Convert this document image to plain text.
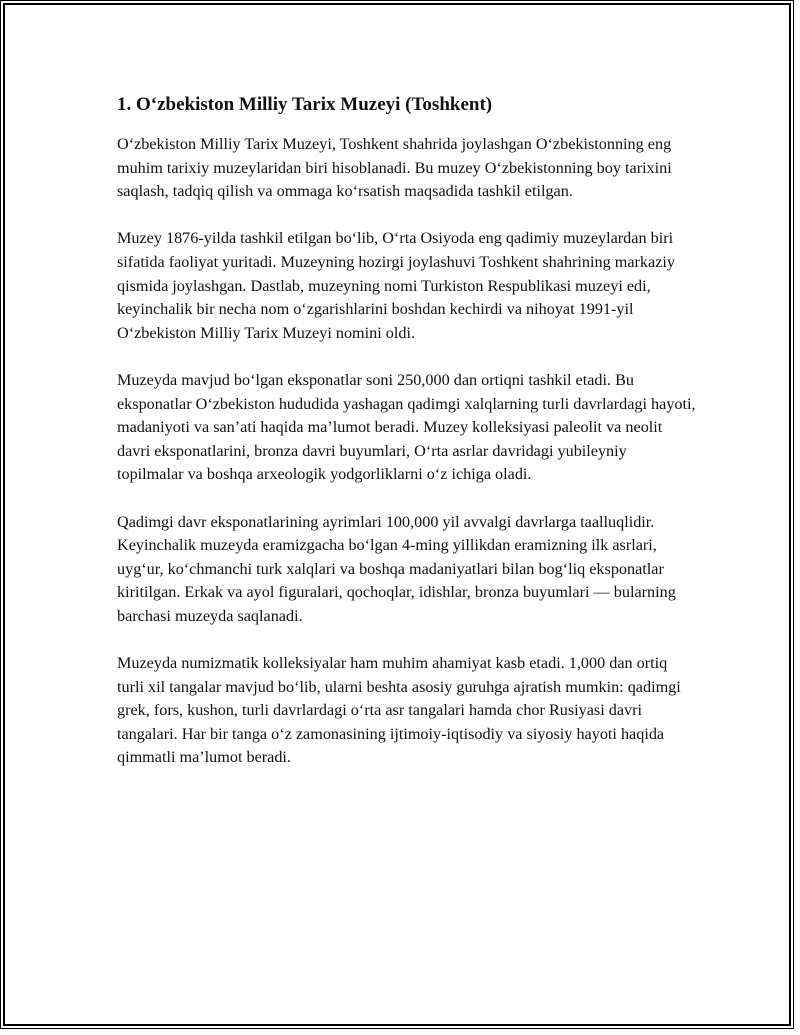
1. O‘zbekiston Milliy Tarix Muzeyi (Toshkent)

O‘zbekiston Milliy Tarix Muzeyi, Toshkent shahrida joylashgan O‘zbekistonning eng muhim tarixiy muzeylaridan biri hisoblanadi. Bu muzey O‘zbekistonning boy tarixini saqlash, tadqiq qilish va ommaga ko‘rsatish maqsadida tashkil etilgan.

Muzey 1876-yilda tashkil etilgan bo‘lib, O‘rta Osiyoda eng qadimiy muzeylardan biri sifatida faoliyat yuritadi. Muzeyning hozirgi joylashuvi Toshkent shahrining markaziy qismida joylashgan. Dastlab, muzeyning nomi Turkiston Respublikasi muzeyi edi, keyinchalik bir necha nom o‘zgarishlarini boshdan kechirdi va nihoyat 1991-yil O‘zbekiston Milliy Tarix Muzeyi nomini oldi.

Muzeyda mavjud bo‘lgan eksponatlar soni 250,000 dan ortiqni tashkil etadi. Bu eksponatlar O‘zbekiston hududida yashagan qadimgi xalqlarning turli davrlardagi hayoti, madaniyoti va san’ati haqida ma’lumot beradi. Muzey kolleksiyasi paleolit va neolit davri eksponatlarini, bronza davri buyumlari, O‘rta asrlar davridagi yubileyniy topilmalar va boshqa arxeologik yodgorliklarni o‘z ichiga oladi.

Qadimgi davr eksponatlarining ayrimlari 100,000 yil avvalgi davrlarga taalluqlidir. Keyinchalik muzeyda eramizgacha bo‘lgan 4-ming yillikdan eramizning ilk asrlari, uyg‘ur, ko‘chmanchi turk xalqlari va boshqa madaniyatlari bilan bog‘liq eksponatlar kiritilgan. Erkak va ayol figuralari, qochoqlar, idishlar, bronza buyumlari — bularning barchasi muzeyda saqlanadi.

Muzeyda numizmatik kolleksiyalar ham muhim ahamiyat kasb etadi. 1,000 dan ortiq turli xil tangalar mavjud bo‘lib, ularni beshta asosiy guruhga ajratish mumkin: qadimgi grek, fors, kushon, turli davrlardagi o‘rta asr tangalari hamda chor Rusiyasi davri tangalari. Har bir tanga o‘z zamonasining ijtimoiy-iqtisodiy va siyosiy hayoti haqida qimmatli ma’lumot beradi.
